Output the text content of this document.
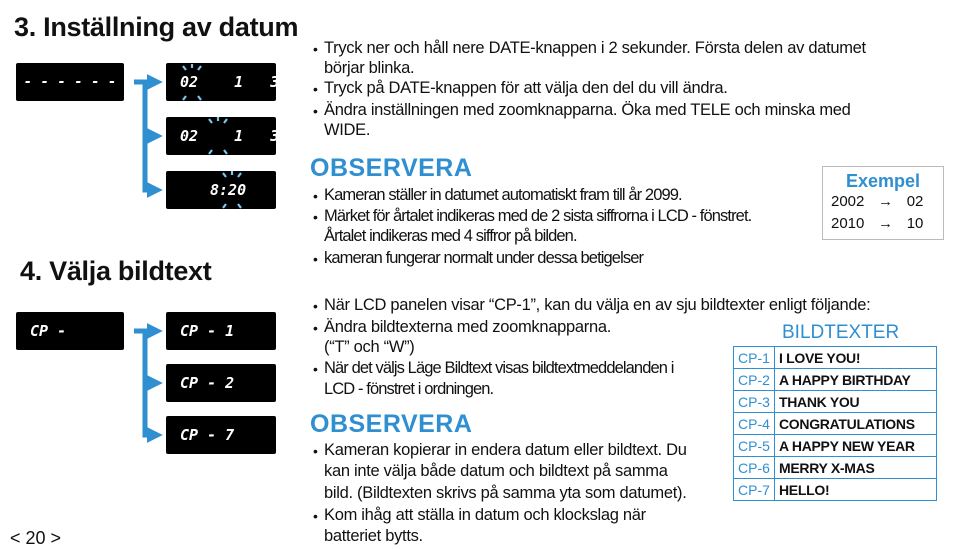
3. Inställning av datum
- - - - - -	02    1   3
02    1   3
8:20
• Tryck ner och håll nere DATE-knappen i 2 sekunder. Första delen av datumet
börjar blinka.
• Tryck på DATE-knappen för att välja den del du vill ändra.
• Ändra inställningen med zoomknapparna. Öka med TELE och minska med
WIDE.
OBSERVERA
• Kameran ställer in datumet automatiskt fram till år 2099.
• Märket för årtalet indikeras med de 2 sista siffrorna i LCD - fönstret.
Årtalet indikeras med 4 siffror på bilden.
• kameran fungerar normalt under dessa betigelser
Exempel
2002 → 02
2010 → 10
4. Välja bildtext
CP -	CP - 1
CP - 2
CP - 7
• När LCD panelen visar “CP-1”, kan du välja en av sju bildtexter enligt följande:
• Ändra bildtexterna med zoomknapparna.
(“T” och “W”)
• När det väljs Läge Bildtext visas bildtextmeddelanden i
LCD - fönstret i ordningen.
OBSERVERA
• Kameran kopierar in endera datum eller bildtext. Du
kan inte välja både datum och bildtext på samma
bild. (Bildtexten skrivs på samma yta som datumet).
• Kom ihåg att ställa in datum och klockslag när
batteriet bytts.
BILDTEXTER
CP-1 I LOVE YOU!
CP-2 A HAPPY BIRTHDAY
CP-3 THANK YOU
CP-4 CONGRATULATIONS
CP-5 A HAPPY NEW YEAR
CP-6 MERRY X-MAS
CP-7 HELLO!
< 20 >
